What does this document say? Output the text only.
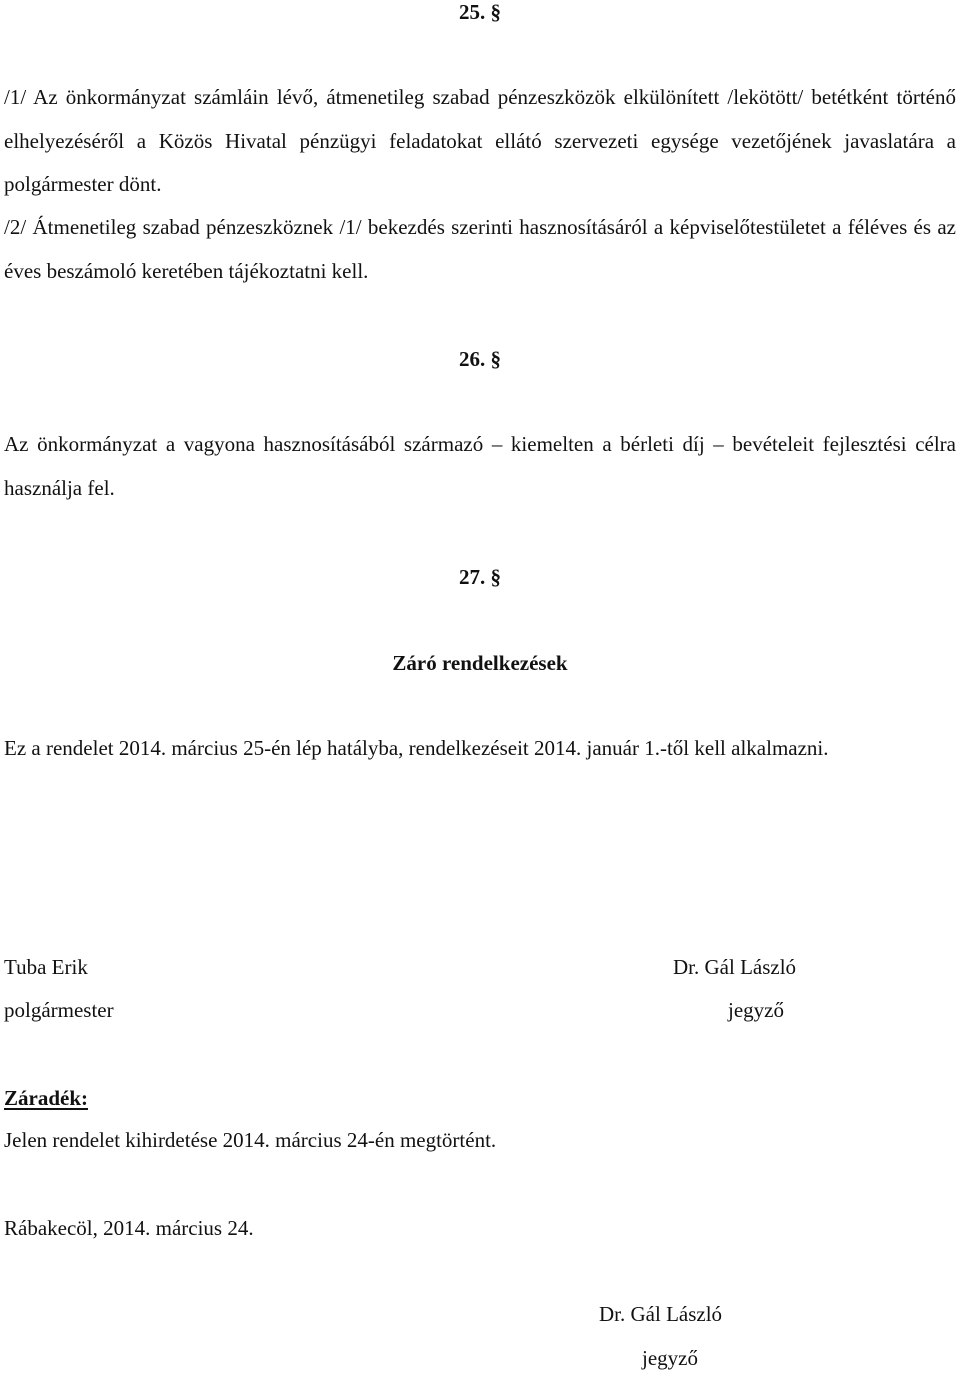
25. §

/1/ Az önkormányzat számláin lévő, átmenetileg szabad pénzeszközök elkülönített /lekötött/ betétként történő elhelyezéséről a Közös Hivatal pénzügyi feladatokat ellátó szervezeti egysége vezetőjének javaslatára a polgármester dönt.

/2/ Átmenetileg szabad pénzeszköznek /1/ bekezdés szerinti hasznosításáról a képviselőtestületet a féléves és az éves beszámoló keretében tájékoztatni kell.

26. §

Az önkormányzat a vagyona hasznosításából származó – kiemelten a bérleti díj – bevételeit fejlesztési célra használja fel.

27. §
Záró rendelkezések

Ez a rendelet 2014. március 25-én lép hatályba, rendelkezéseit 2014. január 1.-től kell alkalmazni.

Tuba Erik
polgármester
Dr. Gál László
jegyző
Záradék:
Jelen rendelet kihirdetése 2014. március 24-én megtörtént.
Rábakecöl, 2014. március 24.
Dr. Gál László
jegyző
